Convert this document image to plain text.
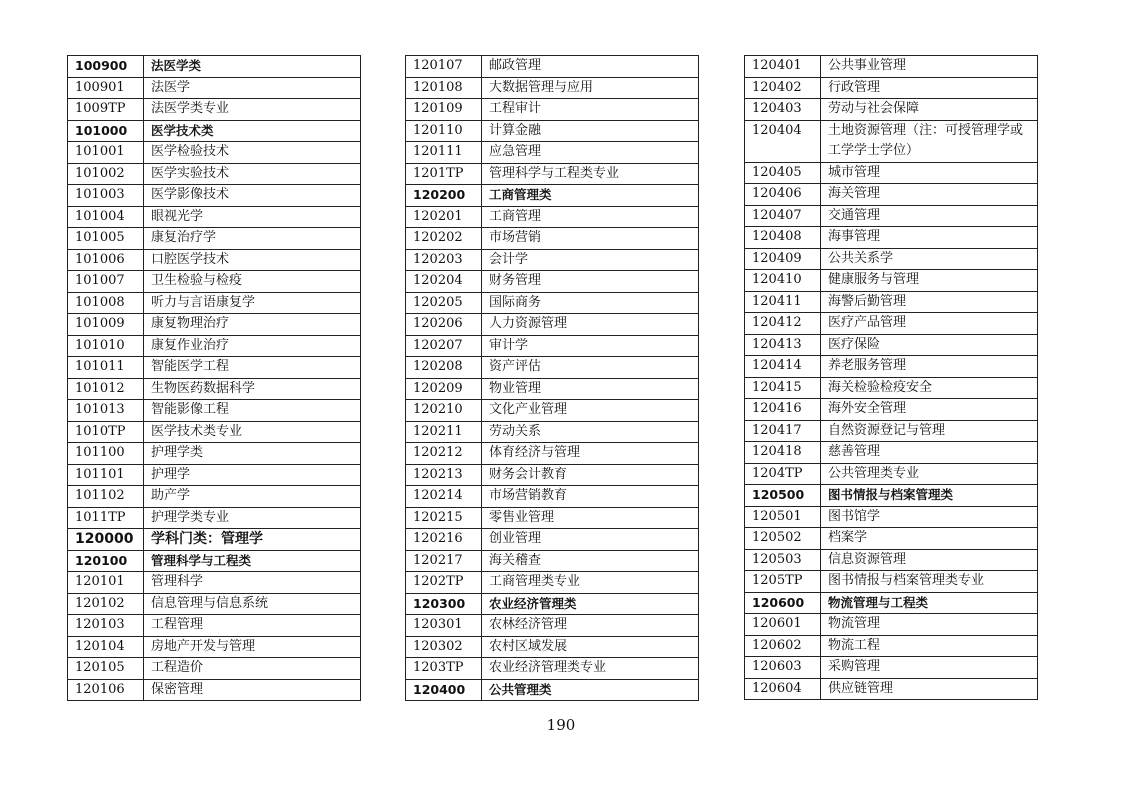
100900	法医学类
100901	法医学
1009TP	法医学类专业
101000	医学技术类
101001	医学检验技术
101002	医学实验技术
101003	医学影像技术
101004	眼视光学
101005	康复治疗学
101006	口腔医学技术
101007	卫生检验与检疫
101008	听力与言语康复学
101009	康复物理治疗
101010	康复作业治疗
101011	智能医学工程
101012	生物医药数据科学
101013	智能影像工程
1010TP	医学技术类专业
101100	护理学类
101101	护理学
101102	助产学
1011TP	护理学类专业
120000	学科门类：管理学
120100	管理科学与工程类
120101	管理科学
120102	信息管理与信息系统
120103	工程管理
120104	房地产开发与管理
120105	工程造价
120106	保密管理
120107	邮政管理
120108	大数据管理与应用
120109	工程审计
120110	计算金融
120111	应急管理
1201TP	管理科学与工程类专业
120200	工商管理类
120201	工商管理
120202	市场营销
120203	会计学
120204	财务管理
120205	国际商务
120206	人力资源管理
120207	审计学
120208	资产评估
120209	物业管理
120210	文化产业管理
120211	劳动关系
120212	体育经济与管理
120213	财务会计教育
120214	市场营销教育
120215	零售业管理
120216	创业管理
120217	海关稽查
1202TP	工商管理类专业
120300	农业经济管理类
120301	农林经济管理
120302	农村区域发展
1203TP	农业经济管理类专业
120400	公共管理类
120401	公共事业管理
120402	行政管理
120403	劳动与社会保障
120404	土地资源管理（注：可授管理学或工学学士学位）
120405	城市管理
120406	海关管理
120407	交通管理
120408	海事管理
120409	公共关系学
120410	健康服务与管理
120411	海警后勤管理
120412	医疗产品管理
120413	医疗保险
120414	养老服务管理
120415	海关检验检疫安全
120416	海外安全管理
120417	自然资源登记与管理
120418	慈善管理
1204TP	公共管理类专业
120500	图书情报与档案管理类
120501	图书馆学
120502	档案学
120503	信息资源管理
1205TP	图书情报与档案管理类专业
120600	物流管理与工程类
120601	物流管理
120602	物流工程
120603	采购管理
120604	供应链管理
190
